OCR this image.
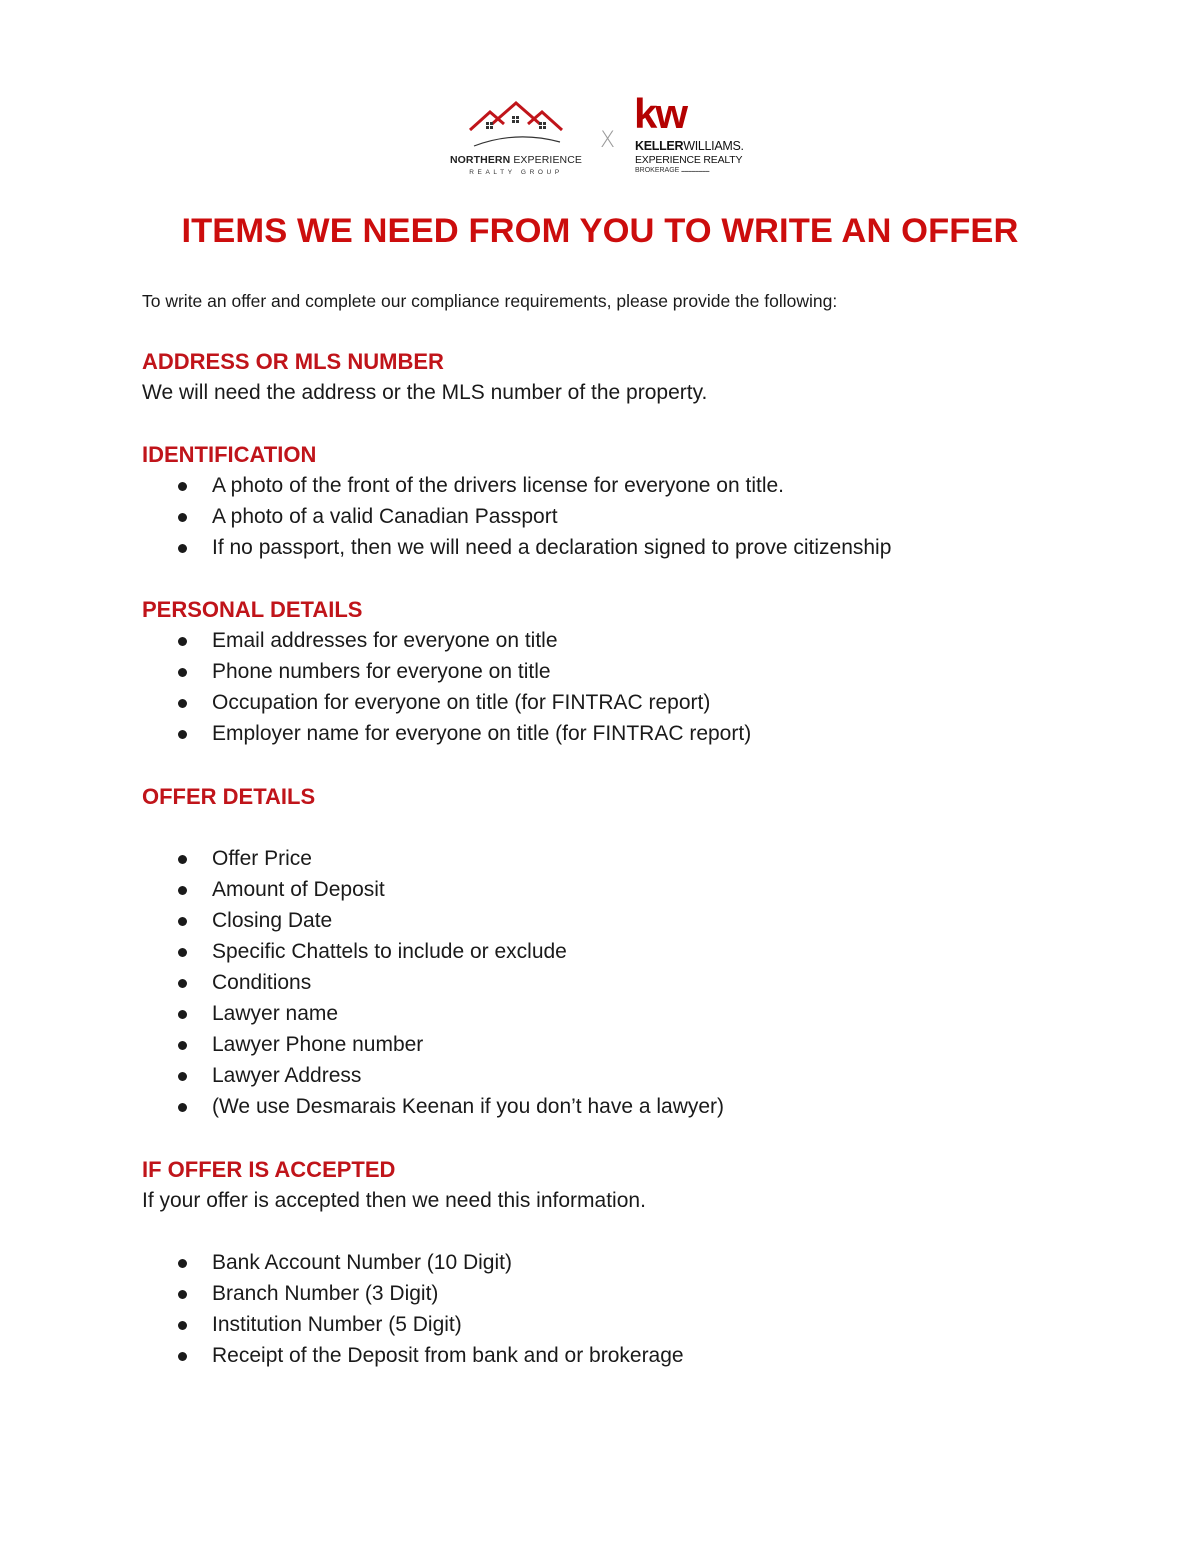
NORTHERN EXPERIENCE
REALTY GROUP
X
kw
KELLERWILLIAMS.
EXPERIENCE REALTY
BROKERAGE ▬▬▬▬▬▬▬▬
ITEMS WE NEED FROM YOU TO WRITE AN OFFER
To write an offer and complete our compliance requirements, please provide the following:

ADDRESS OR MLS NUMBER

We will need the address or the MLS number of the property.

IDENTIFICATION

A photo of the front of the drivers license for everyone on title.
A photo of a valid Canadian Passport
If no passport, then we will need a declaration signed to prove citizenship

PERSONAL DETAILS

Email addresses for everyone on title
Phone numbers for everyone on title
Occupation for everyone on title (for FINTRAC report)
Employer name for everyone on title (for FINTRAC report)

OFFER DETAILS

Offer Price
Amount of Deposit
Closing Date
Specific Chattels to include or exclude
Conditions
Lawyer name
Lawyer Phone number
Lawyer Address
(We use Desmarais Keenan if you don’t have a lawyer)

IF OFFER IS ACCEPTED

If your offer is accepted then we need this information.

Bank Account Number (10 Digit)
Branch Number (3 Digit)
Institution Number (5 Digit)
Receipt of the Deposit from bank and or brokerage
